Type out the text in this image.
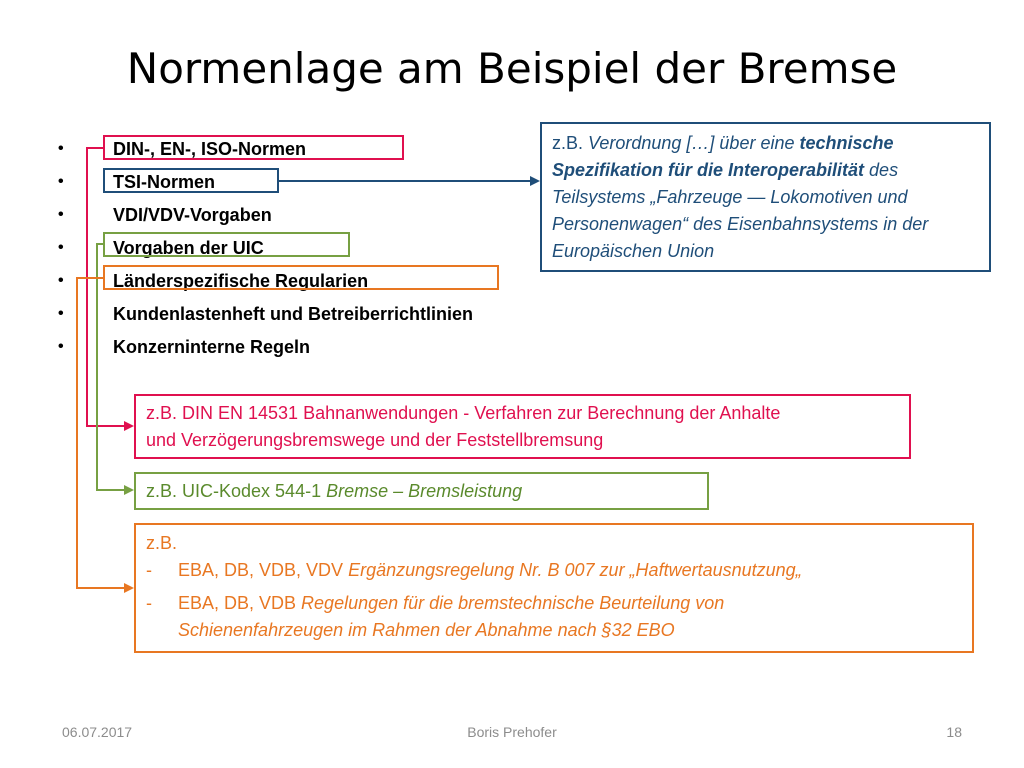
Normenlage am Beispiel der Bremse
•	DIN-, EN-, ISO-Normen
•	TSI-Normen
•	VDI/VDV-Vorgaben
•	Vorgaben der UIC
•	Länderspezifische Regularien
•	Kundenlastenheft und Betreiberrichtlinien
•	Konzerninterne Regeln
z.B. Verordnung […] über eine technische
Spezifikation für die Interoperabilität des
Teilsystems „Fahrzeuge — Lokomotiven und
Personenwagen“ des Eisenbahnsystems in der
Europäischen Union
z.B. DIN EN 14531 Bahnanwendungen - Verfahren zur Berechnung der Anhalte
und Verzögerungsbremswege und der Feststellbremsung
z.B. UIC-Kodex 544-1 Bremse – Bremsleistung
z.B.
-	EBA, DB, VDB, VDV Ergänzungsregelung Nr. B 007 zur „Haftwertausnutzung„
-	EBA, DB, VDB Regelungen für die bremstechnische Beurteilung von
Schienenfahrzeugen im Rahmen der Abnahme nach §32 EBO
06.07.2017	Boris Prehofer	18
